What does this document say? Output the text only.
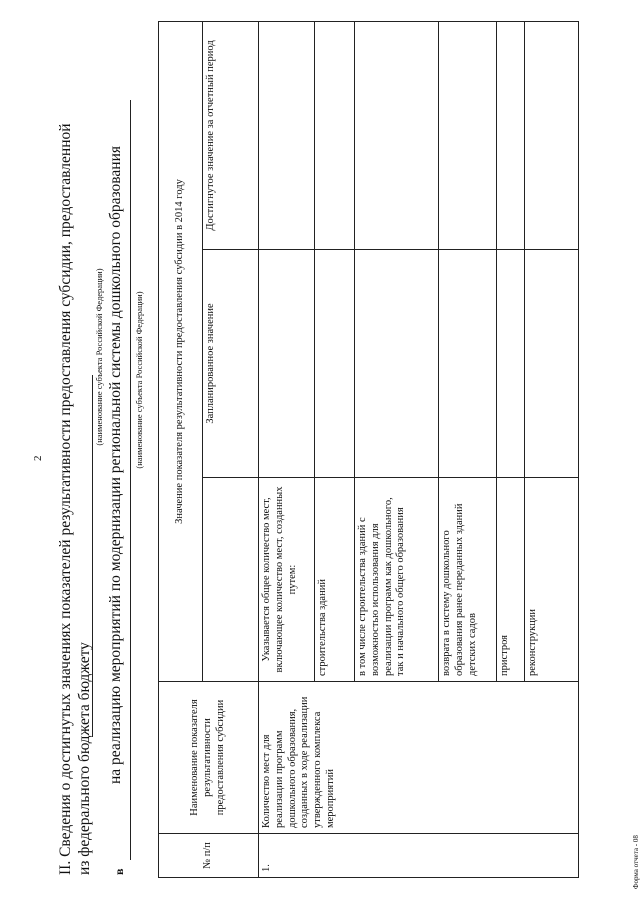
2 II. Сведения о достигнутых значениях показателей результативности предоставления субсидии, предоставленной из федерального бюджета бюджету
(наименование субъекта Российской Федерации)
в
на реализацию мероприятий по модернизации региональной системы дошкольного образования (наименование субъекта Российской Федерации)
№ п/п	Наименование показателя результативности предоставления субсидии	Значение показателя результативности предоставления субсидии в 2014 году		
			Запланированное значение	Достигнутое значение за отчетный период
1.	Количество мест для реализации программ дошкольного образования, созданных в ходе реализации утвержденного комплекса мероприятий	Указывается общее количество мест, включающее количество мест, созданных путем:		
		строительства зданий		
		в том числе строительства зданий с возможностью использования для реализации программ как дошкольного, так и начального общего образования		
		возврата в систему дошкольного образования ранее переданных зданий детских садов		
		пристроя		
		реконструкции		
Форма отчета - 08
